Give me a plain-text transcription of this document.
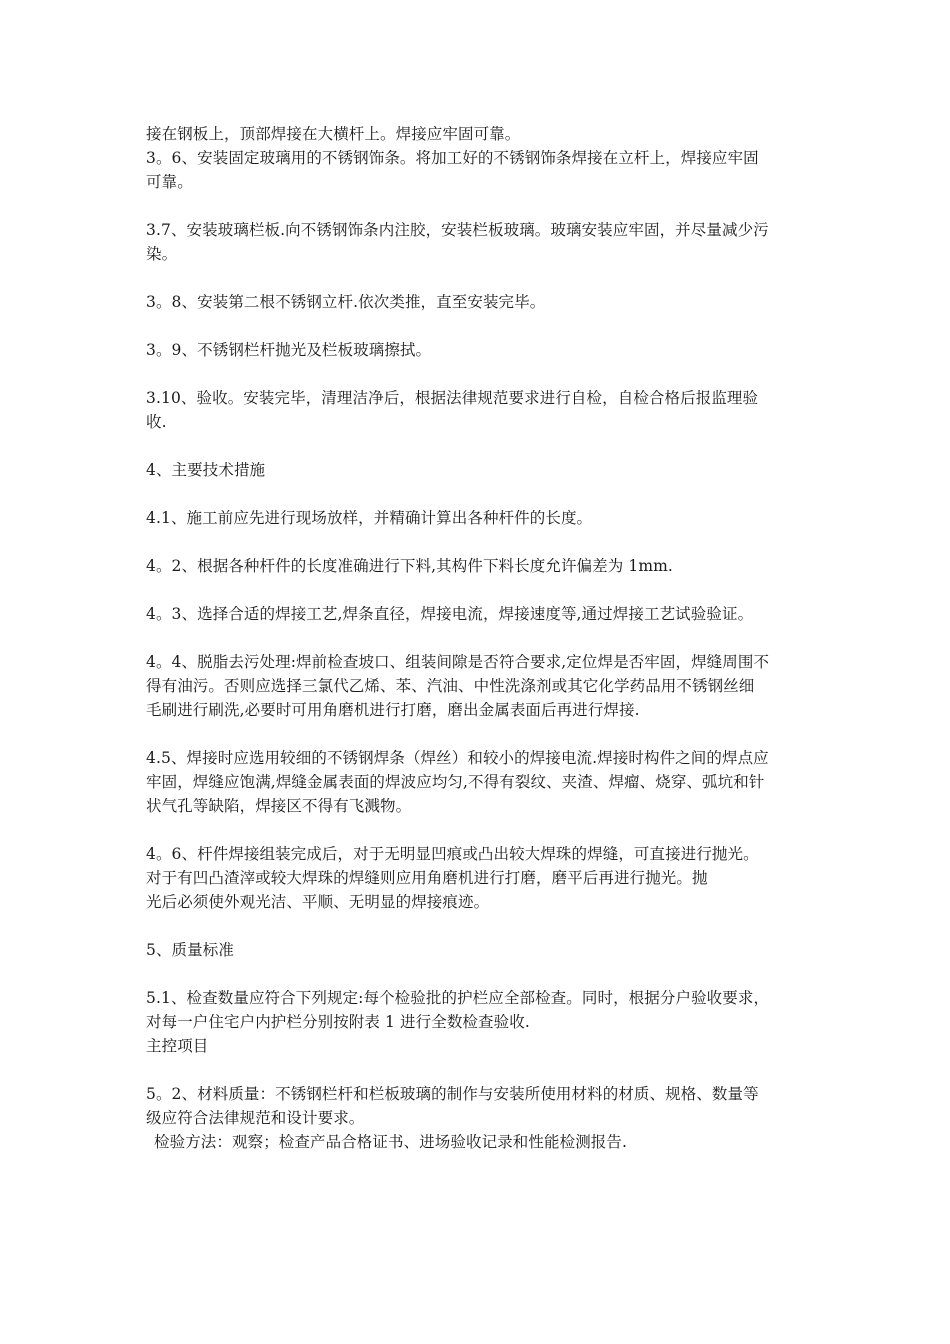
接在钢板上，顶部焊接在大横杆上。焊接应牢固可靠。
3。6、安装固定玻璃用的不锈钢饰条。将加工好的不锈钢饰条焊接在立杆上，焊接应牢固
可靠。
3.7、安装玻璃栏板.向不锈钢饰条内注胶，安装栏板玻璃。玻璃安装应牢固，并尽量减少污
染。
3。8、安装第二根不锈钢立杆.依次类推，直至安装完毕。
3。9、不锈钢栏杆抛光及栏板玻璃擦拭。
3.10、验收。安装完毕，清理洁净后，根据法律规范要求进行自检，自检合格后报监理验
收.
4、主要技术措施
4.1、施工前应先进行现场放样，并精确计算出各种杆件的长度。
4。2、根据各种杆件的长度准确进行下料,其构件下料长度允许偏差为 1mm.
4。3、选择合适的焊接工艺,焊条直径，焊接电流，焊接速度等,通过焊接工艺试验验证。
4。4、脱脂去污处理:焊前检查坡口、组装间隙是否符合要求,定位焊是否牢固，焊缝周围不
得有油污。否则应选择三氯代乙烯、苯、汽油、中性洗涤剂或其它化学药品用不锈钢丝细
毛刷进行刷洗,必要时可用角磨机进行打磨，磨出金属表面后再进行焊接.
4.5、焊接时应选用较细的不锈钢焊条（焊丝）和较小的焊接电流.焊接时构件之间的焊点应
牢固，焊缝应饱满,焊缝金属表面的焊波应均匀,不得有裂纹、夹渣、焊瘤、烧穿、弧坑和针
状气孔等缺陷，焊接区不得有飞溅物。
4。6、杆件焊接组装完成后，对于无明显凹痕或凸出较大焊珠的焊缝，可直接进行抛光。
对于有凹凸渣滓或较大焊珠的焊缝则应用角磨机进行打磨，磨平后再进行抛光。抛
光后必须使外观光洁、平顺、无明显的焊接痕迹。
5、质量标准
5.1、检查数量应符合下列规定:每个检验批的护栏应全部检查。同时，根据分户验收要求，
对每一户住宅户内护栏分别按附表 1 进行全数检查验收.
主控项目
5。2、材料质量：不锈钢栏杆和栏板玻璃的制作与安装所使用材料的材质、规格、数量等
级应符合法律规范和设计要求。
检验方法：观察；检查产品合格证书、进场验收记录和性能检测报告.
